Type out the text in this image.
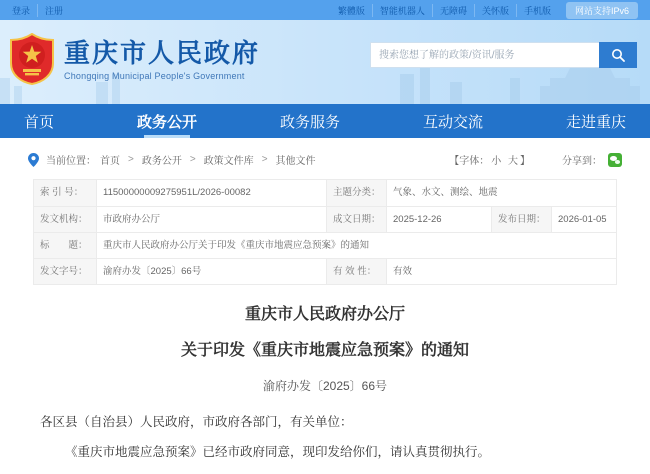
登录	注册	繁體版	智能机器人	无障碍	关怀版	手机版	网站支持IPv6
重庆市人民政府
Chongqing Municipal People's Government
搜索您想了解的政策/资讯/服务
首页	政务公开	政务服务	互动交流	走进重庆
当前位置： 首页 > 政务公开 > 政策文件库 > 其他文件	【字体： 小 大 】	分享到：
索 引 号：	11500000009275951L/2026-00082	主题分类：	气象、水文、测绘、地震
发文机构：	市政府办公厅	成文日期：	2025-12-26	发布日期：	2026-01-05
标　　题：	重庆市人民政府办公厅关于印发《重庆市地震应急预案》的通知
发文字号：	渝府办发〔2025〕66号	有 效 性：	有效
重庆市人民政府办公厅
关于印发《重庆市地震应急预案》的通知
渝府办发〔2025〕66号

各区县（自治县）人民政府，市政府各部门，有关单位：

《重庆市地震应急预案》已经市政府同意，现印发给你们，请认真贯彻执行。
